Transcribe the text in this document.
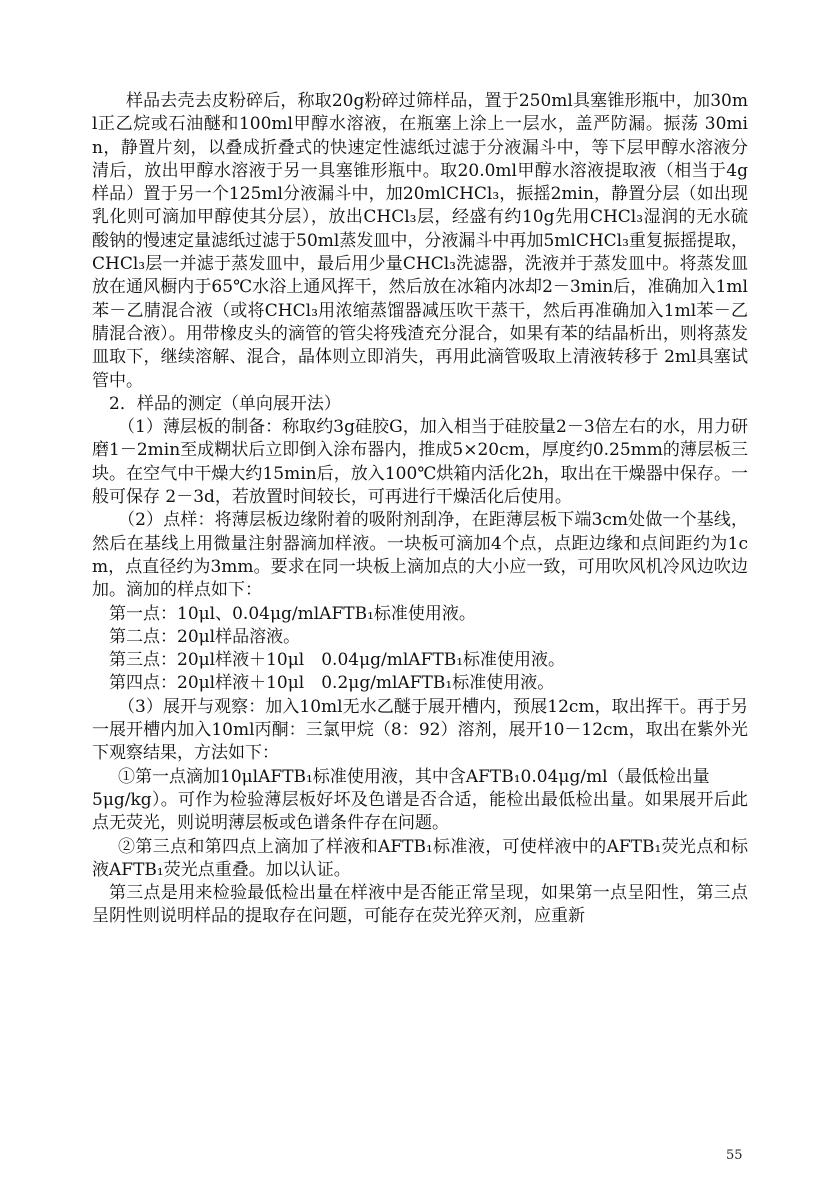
样品去壳去皮粉碎后，称取20g粉碎过筛样品，置于250ml具塞锥形瓶中，加30ml正乙烷或石油醚和100ml甲醇水溶液，在瓶塞上涂上一层水，盖严防漏。振荡 30min，静置片刻，以叠成折叠式的快速定性滤纸过滤于分液漏斗中，等下层甲醇水溶液分清后，放出甲醇水溶液于另一具塞锥形瓶中。取20.0ml甲醇水溶液提取液（相当于4g样品）置于另一个125ml分液漏斗中，加20mlCHCl₃，振摇2min，静置分层（如出现乳化则可滴加甲醇使其分层），放出CHCl₃层，经盛有约10g先用CHCl₃湿润的无水硫酸钠的慢速定量滤纸过滤于50ml蒸发皿中，分液漏斗中再加5mlCHCl₃重复振摇提取，CHCl₃层一并滤于蒸发皿中，最后用少量CHCl₃洗滤器，洗液并于蒸发皿中。将蒸发皿放在通风橱内于65℃水浴上通风挥干，然后放在冰箱内冰却2－3min后，准确加入1ml苯－乙腈混合液（或将CHCl₃用浓缩蒸馏器减压吹干蒸干，然后再准确加入1ml苯－乙腈混合液）。用带橡皮头的滴管的管尖将残渣充分混合，如果有苯的结晶析出，则将蒸发皿取下，继续溶解、混合，晶体则立即消失，再用此滴管吸取上清液转移于 2ml具塞试管中。

2．样品的测定（单向展开法）

（1）薄层板的制备：称取约3g硅胶G，加入相当于硅胶量2－3倍左右的水，用力研磨1－2min至成糊状后立即倒入涂布器内，推成5×20cm，厚度约0.25mm的薄层板三块。在空气中干燥大约15min后，放入100℃烘箱内活化2h，取出在干燥器中保存。一般可保存 2－3d，若放置时间较长，可再进行干燥活化后使用。

（2）点样：将薄层板边缘附着的吸附剂刮净，在距薄层板下端3cm处做一个基线，然后在基线上用微量注射器滴加样液。一块板可滴加4个点，点距边缘和点间距约为1cm，点直径约为3mm。要求在同一块板上滴加点的大小应一致，可用吹风机冷风边吹边加。滴加的样点如下：

第一点：10μl、0.04μg/mlAFTB₁标准使用液。

第二点：20μl样品溶液。

第三点：20μl样液＋10μl　0.04μg/mlAFTB₁标准使用液。

第四点：20μl样液＋10μl　0.2μg/mlAFTB₁标准使用液。

（3）展开与观察：加入10ml无水乙醚于展开槽内，预展12cm，取出挥干。再于另一展开槽内加入10ml丙酮：三氯甲烷（8：92）溶剂，展开10－12cm，取出在紫外光下观察结果，方法如下：

①第一点滴加10μlAFTB₁标准使用液，其中含AFTB₁0.04μg/ml（最低检出量

5μg/kg）。可作为检验薄层板好坏及色谱是否合适，能检出最低检出量。如果展开后此点无荧光，则说明薄层板或色谱条件存在问题。

②第三点和第四点上滴加了样液和AFTB₁标准液，可使样液中的AFTB₁荧光点和标液AFTB₁荧光点重叠。加以认证。

第三点是用来检验最低检出量在样液中是否能正常呈现，如果第一点呈阳性，第三点呈阴性则说明样品的提取存在问题，可能存在荧光猝灭剂，应重新

55
